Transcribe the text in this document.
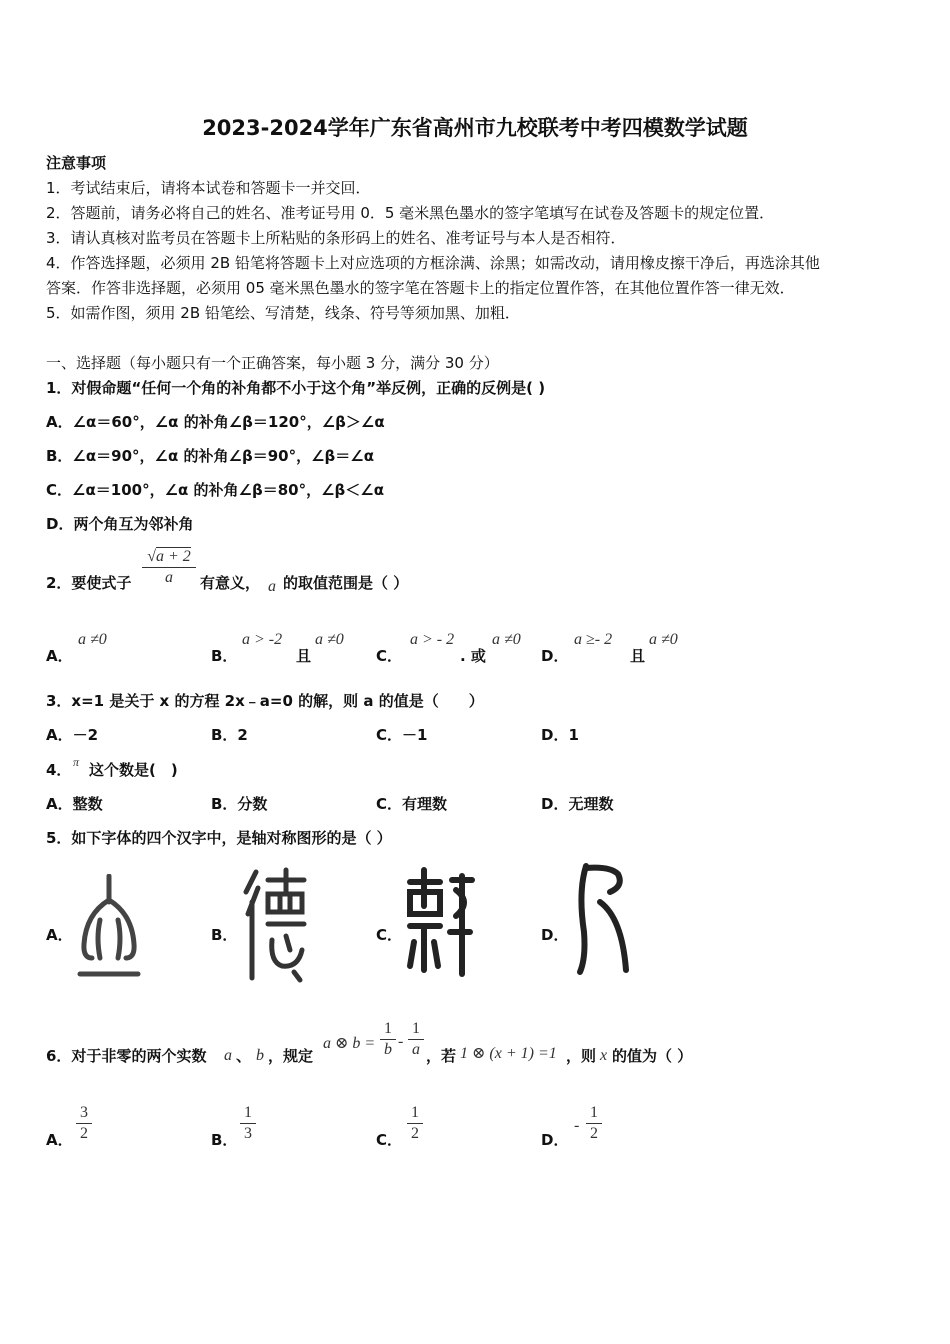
2023-2024学年广东省高州市九校联考中考四模数学试题
注意事项
1．考试结束后，请将本试卷和答题卡一并交回．
2．答题前，请务必将自己的姓名、准考证号用 0．5 毫米黑色墨水的签字笔填写在试卷及答题卡的规定位置．
3．请认真核对监考员在答题卡上所粘贴的条形码上的姓名、准考证号与本人是否相符．
4．作答选择题，必须用 2B 铅笔将答题卡上对应选项的方框涂满、涂黑；如需改动，请用橡皮擦干净后，再选涂其他
答案．作答非选择题，必须用 05 毫米黑色墨水的签字笔在答题卡上的指定位置作答，在其他位置作答一律无效．
5．如需作图，须用 2B 铅笔绘、写清楚，线条、符号等须加黑、加粗．
一、选择题（每小题只有一个正确答案，每小题 3 分，满分 30 分）
1．对假命题“任何一个角的补角都不小于这个角”举反例，正确的反例是( )
A．∠α＝60°，∠α 的补角∠β＝120°，∠β＞∠α
B．∠α＝90°，∠α 的补角∠β＝90°，∠β＝∠α
C．∠α＝100°，∠α 的补角∠β＝80°，∠β＜∠α
D．两个角互为邻补角
2．要使式子
√a + 2
a	有意义， a 的取值范围是（ ）
A．
a ≠0
B．
a > -2
且
a ≠0
C．
a > - 2
. 或
a ≠0
D．
a ≥- 2
且
a ≠0
3．x=1 是关于 x 的方程 2x﹣a=0 的解，则 a 的值是（　　）
A．－2	B．2	C．－1	D．1
4． π 这个数是(　)
A．整数	B．分数	C．有理数	D．无理数
5．如下字体的四个汉字中，是轴对称图形的是（ ）
A．	B．	C．	D．
6．对于非零的两个实数 a 、 b ，规定
a ⊗ b =
1
b -
1
a ，若 1 ⊗ (x + 1) =1 ，则 x 的值为（ ）
A．
3
2	B．
1
3	C．
1
2	D．
-
1
2
